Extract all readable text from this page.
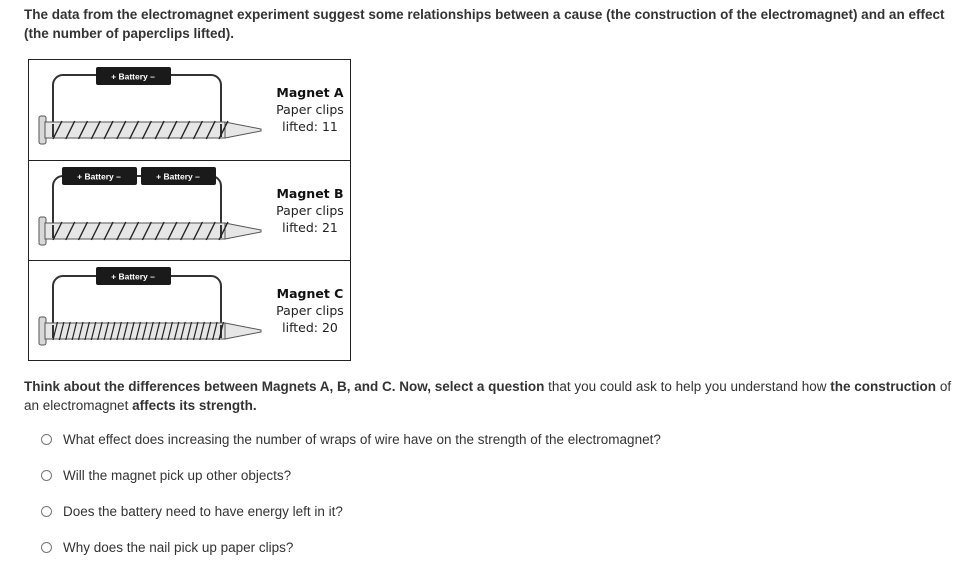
The data from the electromagnet experiment suggest some relationships between a cause (the construction of the electromagnet) and an effect (the number of paperclips lifted).
+ Battery –
Magnet A
Paper clips
lifted: 11
+ Battery –	+ Battery –
Magnet B
Paper clips
lifted: 21
+ Battery –
Magnet C
Paper clips
lifted: 20
Think about the differences between Magnets A, B, and C. Now, select a question that you could ask to help you understand how the construction of an electromagnet affects its strength.
What effect does increasing the number of wraps of wire have on the strength of the electromagnet?
Will the magnet pick up other objects?
Does the battery need to have energy left in it?
Why does the nail pick up paper clips?
